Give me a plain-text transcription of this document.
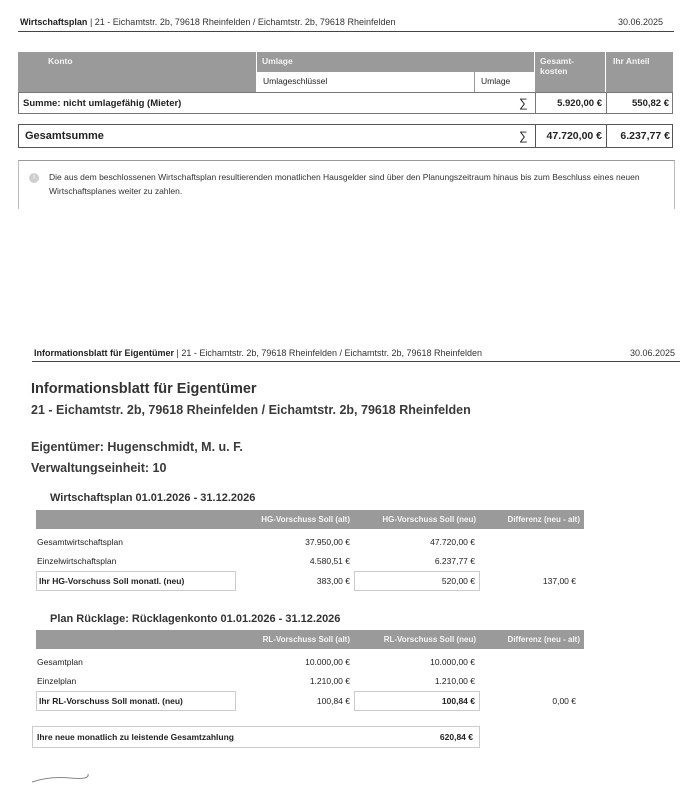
Wirtschaftsplan | 21 - Eichamtstr. 2b, 79618 Rheinfelden / Eichamtstr. 2b, 79618 Rheinfelden	30.06.2025
Konto	Umlage
Umlageschlüssel	Umlage
Gesamt-
kosten
Ihr Anteil
Summe: nicht umlagefähig (Mieter)	∑	5.920,00 €	550,82 €
Gesamtsumme	∑	47.720,00 €	6.237,77 €
i	Die aus dem beschlossenen Wirtschaftsplan resultierenden monatlichen Hausgelder sind über den Planungszeitraum hinaus bis zum Beschluss eines neuen Wirtschaftsplanes weiter zu zahlen.
Informationsblatt für Eigentümer | 21 - Eichamtstr. 2b, 79618 Rheinfelden / Eichamtstr. 2b, 79618 Rheinfelden	30.06.2025
Informationsblatt für Eigentümer
21 - Eichamtstr. 2b, 79618 Rheinfelden / Eichamtstr. 2b, 79618 Rheinfelden
Eigentümer: Hugenschmidt, M. u. F.
Verwaltungseinheit: 10
Wirtschaftsplan 01.01.2026 - 31.12.2026
HG-Vorschuss Soll (alt)	HG-Vorschuss Soll (neu)	Differenz (neu - alt)
Gesamtwirtschaftsplan	37.950,00 €	47.720,00 €
Einzelwirtschaftsplan	4.580,51 €	6.237,77 €
Ihr HG-Vorschuss Soll monatl. (neu)	383,00 €	520,00 €	137,00 €
Plan Rücklage: Rücklagenkonto 01.01.2026 - 31.12.2026
RL-Vorschuss Soll (alt)	RL-Vorschuss Soll (neu)	Differenz (neu - alt)
Gesamtplan	10.000,00 €	10.000,00 €
Einzelplan	1.210,00 €	1.210,00 €
Ihr RL-Vorschuss Soll monatl. (neu)	100,84 €	100,84 €	0,00 €
Ihre neue monatlich zu leistende Gesamtzahlung	620,84 €
